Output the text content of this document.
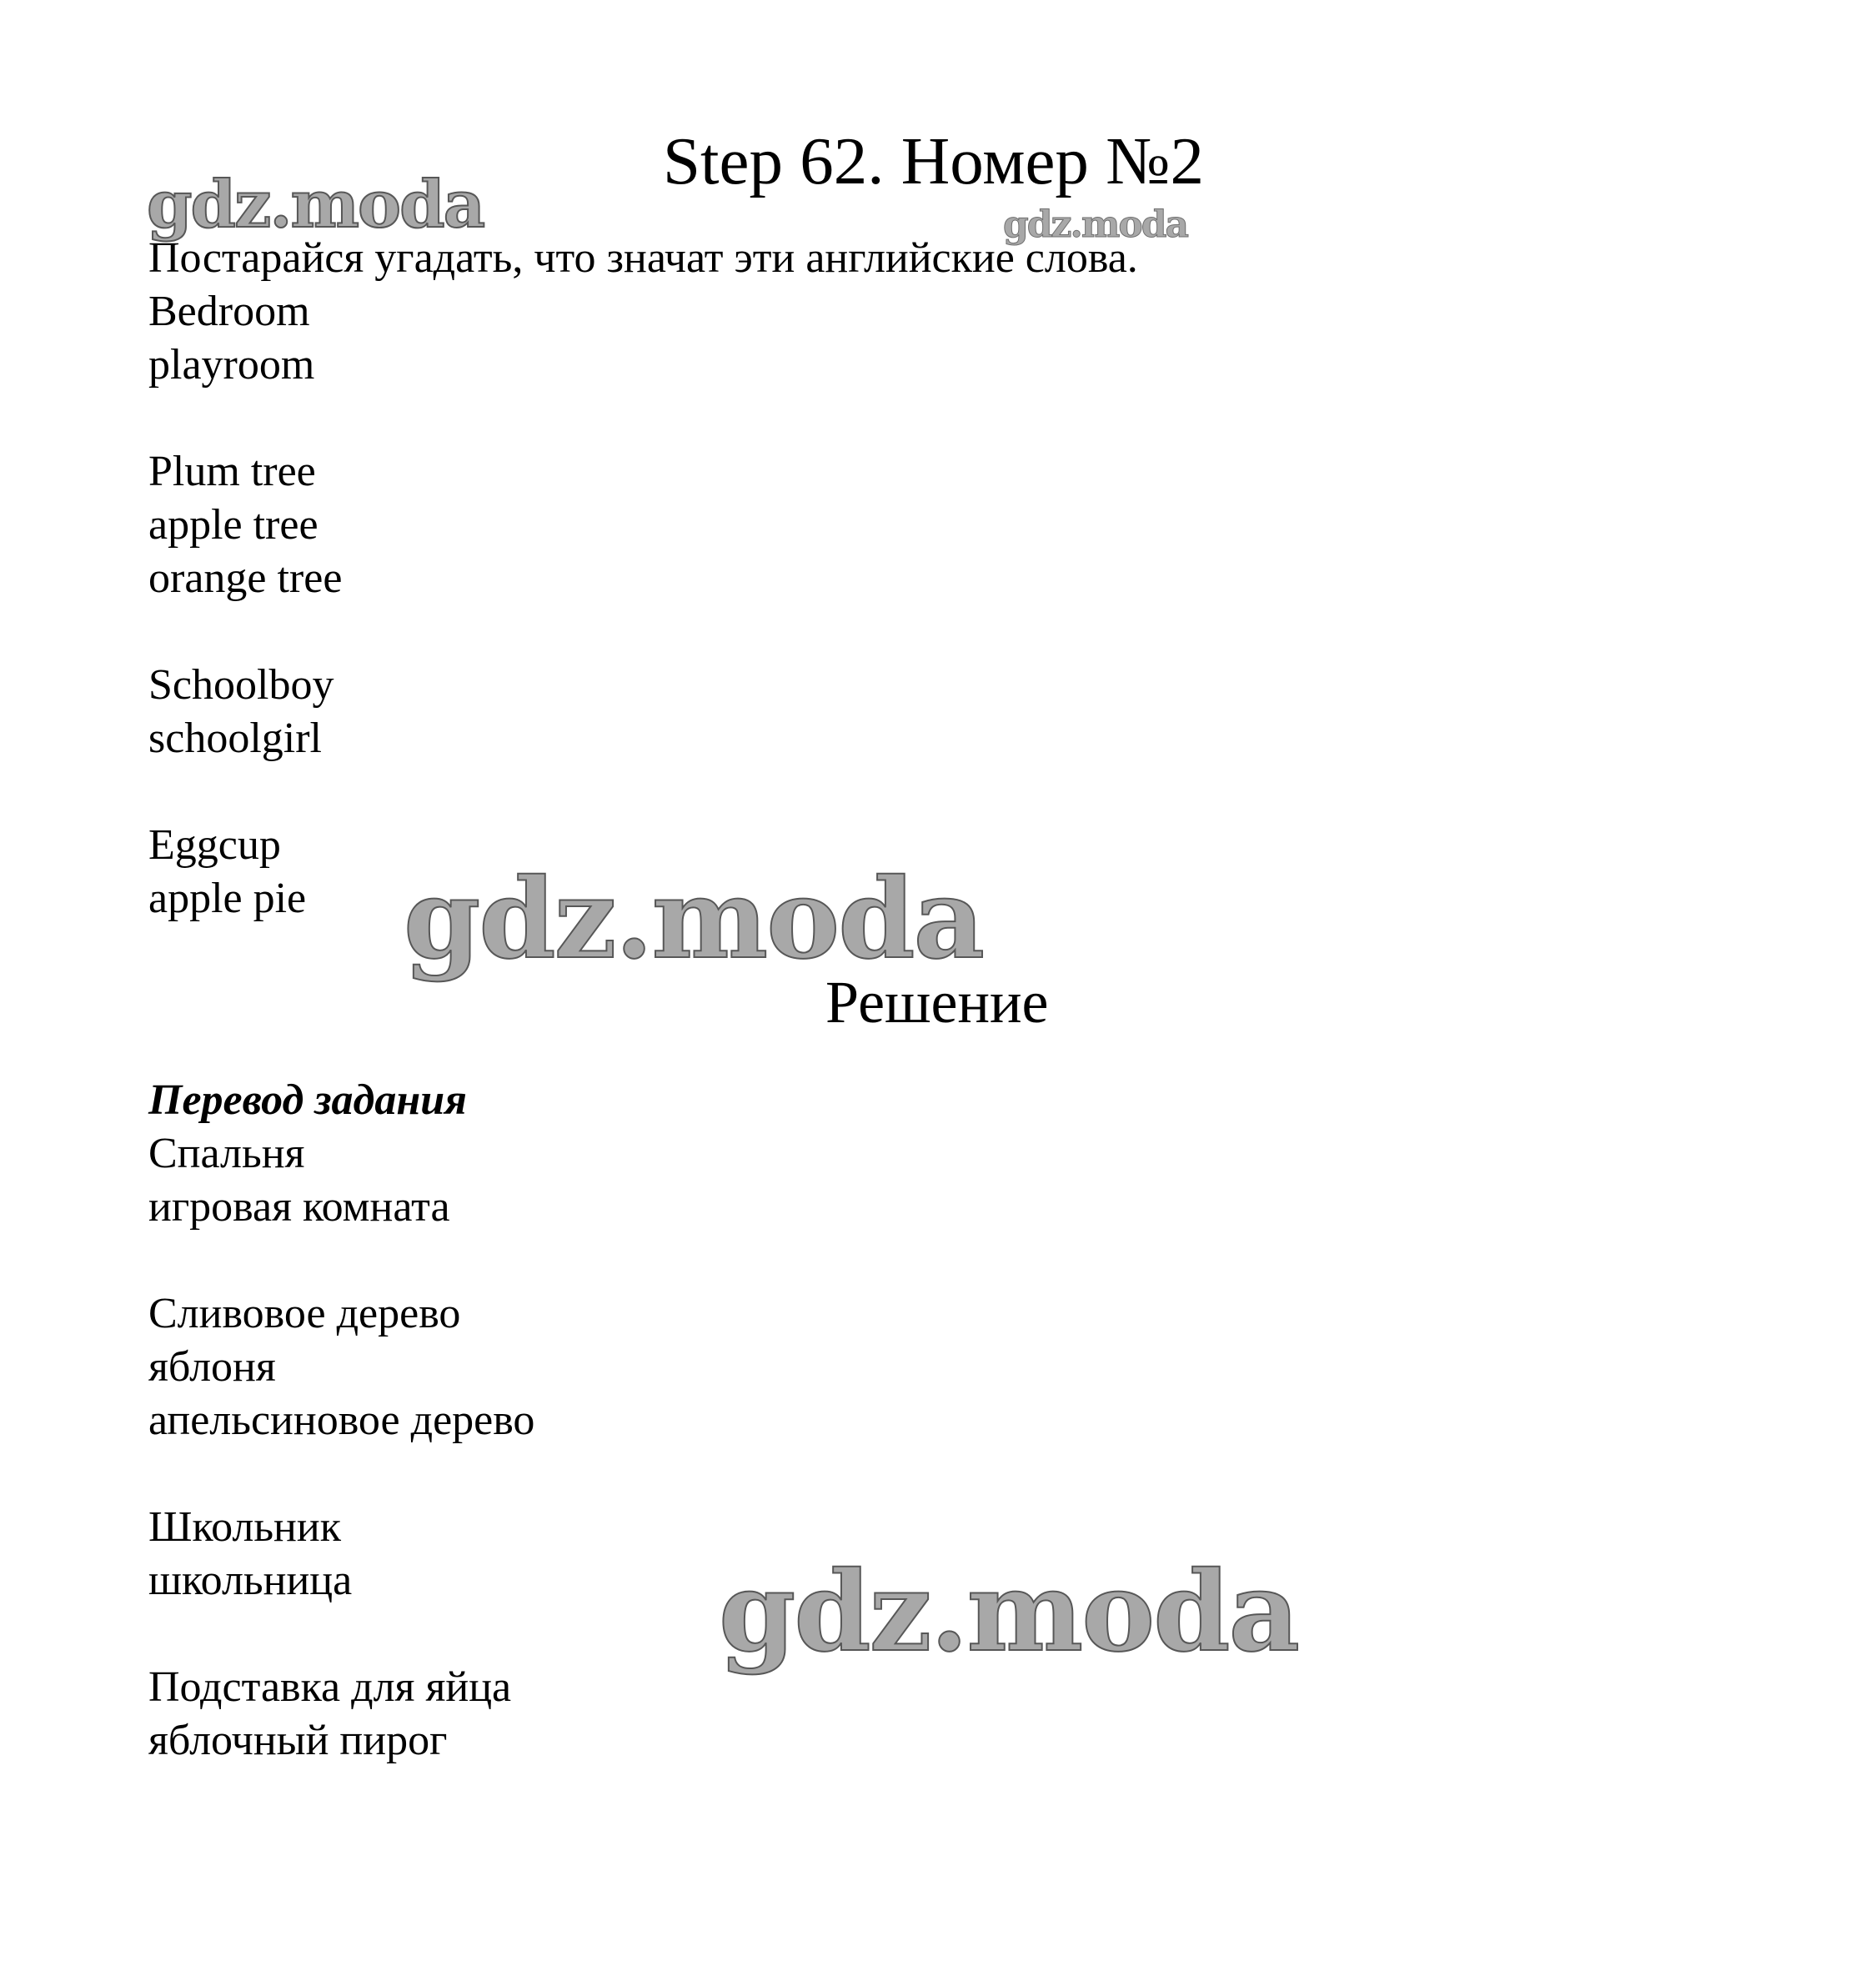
gdz.moda	gdz.moda
gdz.moda
gdz.moda
Step 62. Номер №2
Постарайся угадать, что значат эти английские слова.
Bedroom
playroom
Plum tree
apple tree
orange tree
Schoolboy
schoolgirl
Eggcup
apple pie
Решение
Перевод задания
Спальня
игровая комната
Сливовое дерево
яблоня
апельсиновое дерево
Школьник
школьница
Подставка для яйца
яблочный пирог
